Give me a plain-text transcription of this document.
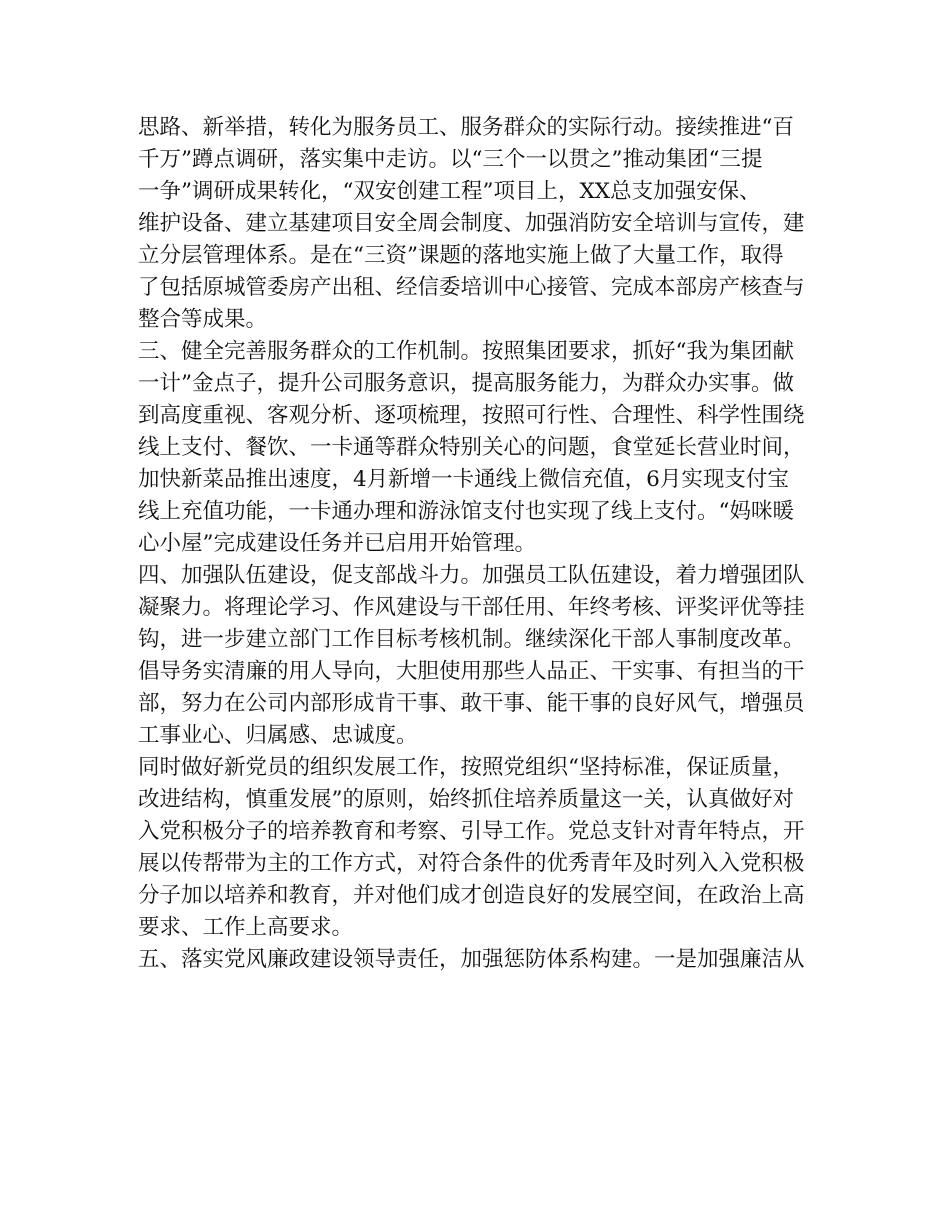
思路、新举措，转化为服务员工、服务群众的实际行动。接续推进“百
千万”蹲点调研，落实集中走访。以“三个一以贯之”推动集团“三提
一争”调研成果转化，“双安创建工程”项目上，XX总支加强安保、
维护设备、建立基建项目安全周会制度、加强消防安全培训与宣传，建
立分层管理体系。是在“三资”课题的落地实施上做了大量工作，取得
了包括原城管委房产出租、经信委培训中心接管、完成本部房产核查与
整合等成果。
三、健全完善服务群众的工作机制。按照集团要求，抓好“我为集团献
一计”金点子，提升公司服务意识，提高服务能力，为群众办实事。做
到高度重视、客观分析、逐项梳理，按照可行性、合理性、科学性围绕
线上支付、餐饮、一卡通等群众特别关心的问题，食堂延长营业时间，
加快新菜品推出速度，4月新增一卡通线上微信充值，6月实现支付宝
线上充值功能，一卡通办理和游泳馆支付也实现了线上支付。“妈咪暖
心小屋”完成建设任务并已启用开始管理。
四、加强队伍建设，促支部战斗力。加强员工队伍建设，着力增强团队
凝聚力。将理论学习、作风建设与干部任用、年终考核、评奖评优等挂
钩，进一步建立部门工作目标考核机制。继续深化干部人事制度改革。
倡导务实清廉的用人导向，大胆使用那些人品正、干实事、有担当的干
部，努力在公司内部形成肯干事、敢干事、能干事的良好风气，增强员
工事业心、归属感、忠诚度。
同时做好新党员的组织发展工作，按照党组织“坚持标准，保证质量，
改进结构，慎重发展”的原则，始终抓住培养质量这一关，认真做好对
入党积极分子的培养教育和考察、引导工作。党总支针对青年特点，开
展以传帮带为主的工作方式，对符合条件的优秀青年及时列入入党积极
分子加以培养和教育，并对他们成才创造良好的发展空间，在政治上高
要求、工作上高要求。
五、落实党风廉政建设领导责任，加强惩防体系构建。一是加强廉洁从
